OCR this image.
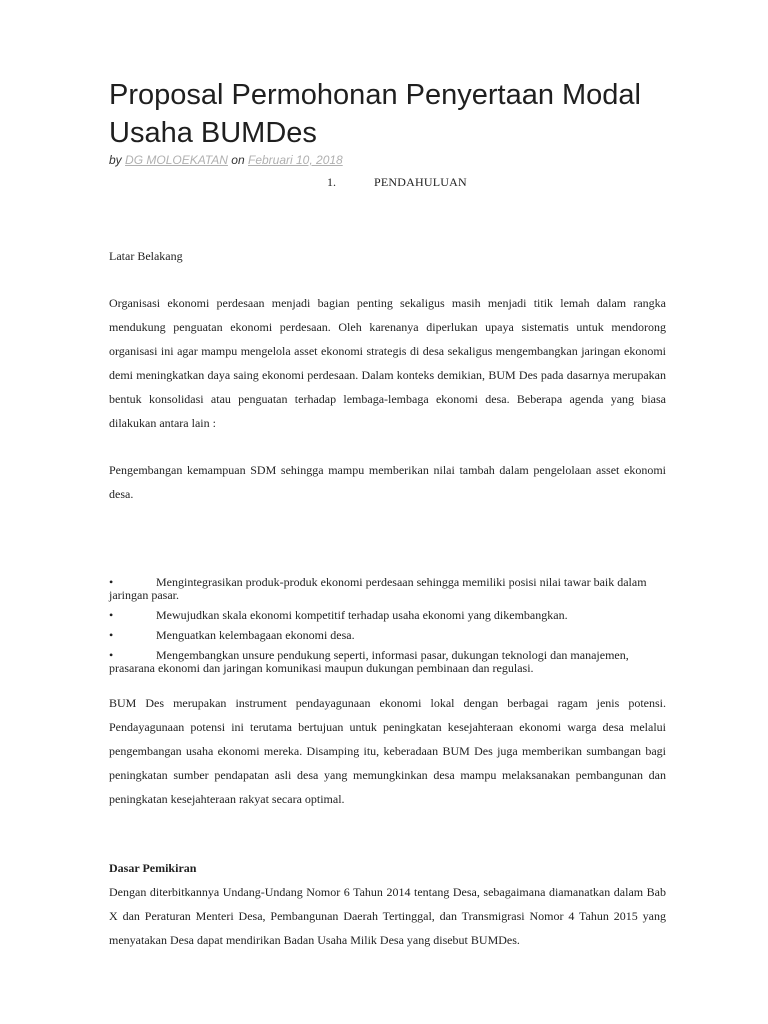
Proposal Permohonan Penyertaan Modal Usaha BUMDes
by DG MOLOEKATAN on Februari 10, 2018
1.	PENDAHULUAN
Latar Belakang

Organisasi ekonomi perdesaan menjadi bagian penting sekaligus masih menjadi titik lemah dalam rangka mendukung penguatan ekonomi perdesaan. Oleh karenanya diperlukan upaya sistematis untuk mendorong organisasi ini agar mampu mengelola asset ekonomi strategis di desa sekaligus mengembangkan jaringan ekonomi demi meningkatkan daya saing ekonomi perdesaan. Dalam konteks demikian, BUM Des pada dasarnya merupakan bentuk konsolidasi atau penguatan terhadap lembaga-lembaga ekonomi desa. Beberapa agenda yang biasa dilakukan antara lain :

Pengembangan kemampuan SDM sehingga mampu memberikan nilai tambah dalam pengelolaan asset ekonomi desa.

•	Mengintegrasikan produk-produk ekonomi perdesaan sehingga memiliki posisi nilai tawar baik dalam jaringan pasar.
•	Mewujudkan skala ekonomi kompetitif terhadap usaha ekonomi yang dikembangkan.
•	Menguatkan kelembagaan ekonomi desa.
•	Mengembangkan unsure pendukung seperti, informasi pasar, dukungan teknologi dan manajemen, prasarana ekonomi dan jaringan komunikasi maupun dukungan pembinaan dan regulasi.

BUM Des merupakan instrument pendayagunaan ekonomi lokal dengan berbagai ragam jenis potensi. Pendayagunaan potensi ini terutama bertujuan untuk peningkatan kesejahteraan ekonomi warga desa melalui pengembangan usaha ekonomi mereka. Disamping itu, keberadaan BUM Des juga memberikan sumbangan bagi peningkatan sumber pendapatan asli desa yang memungkinkan desa mampu melaksanakan pembangunan dan peningkatan kesejahteraan rakyat secara optimal.

Dasar Pemikiran

Dengan diterbitkannya Undang-Undang Nomor 6 Tahun 2014 tentang Desa, sebagaimana diamanatkan dalam Bab X dan Peraturan Menteri Desa, Pembangunan Daerah Tertinggal, dan Transmigrasi Nomor 4 Tahun 2015 yang menyatakan Desa dapat mendirikan Badan Usaha Milik Desa yang disebut BUMDes.
